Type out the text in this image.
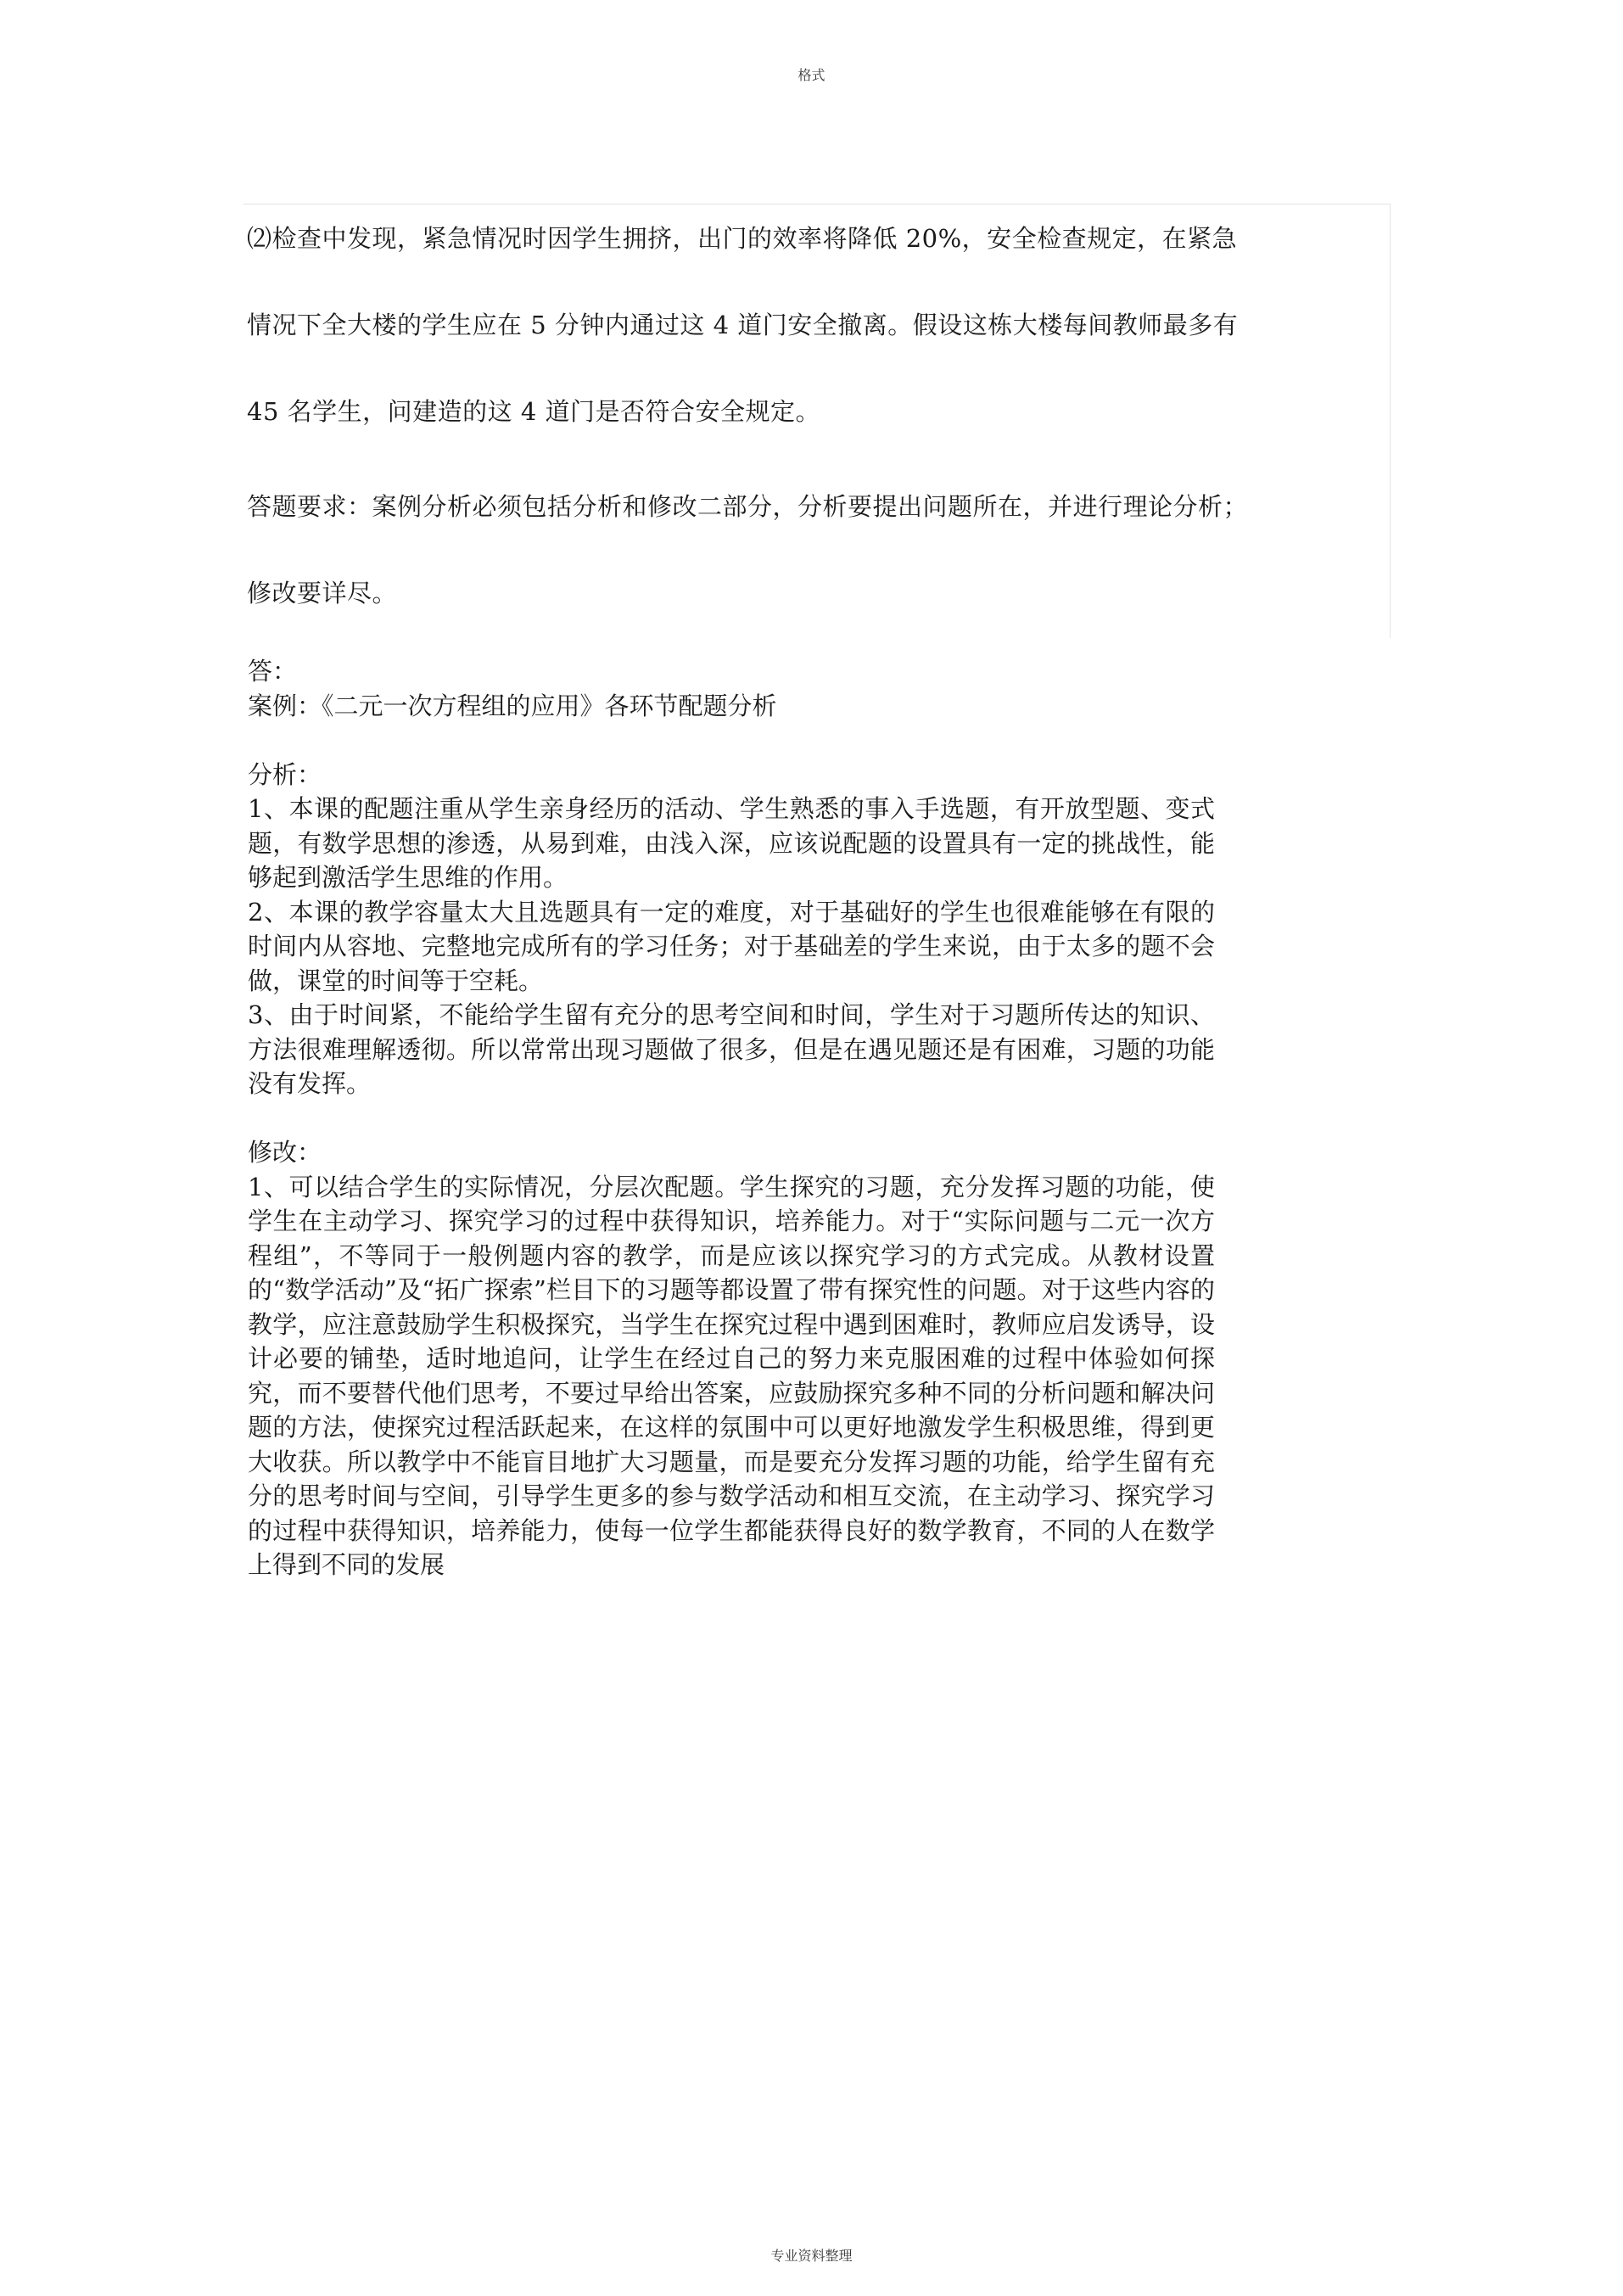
格式
⑵检查中发现，紧急情况时因学生拥挤，出门的效率将降低 20%，安全检查规定，在紧急
情况下全大楼的学生应在 5 分钟内通过这 4 道门安全撤离。假设这栋大楼每间教师最多有
45 名学生，问建造的这 4 道门是否符合安全规定。
答题要求：案例分析必须包括分析和修改二部分，分析要提出问题所在，并进行理论分析；
修改要详尽。

答：

案例：《二元一次方程组的应用》各环节配题分析

分析：

1、本课的配题注重从学生亲身经历的活动、学生熟悉的事入手选题，有开放型题、变式题，有数学思想的渗透，从易到难，由浅入深，应该说配题的设置具有一定的挑战性，能够起到激活学生思维的作用。

2、本课的教学容量太大且选题具有一定的难度，对于基础好的学生也很难能够在有限的时间内从容地、完整地完成所有的学习任务；对于基础差的学生来说，由于太多的题不会做，课堂的时间等于空耗。

3、由于时间紧，不能给学生留有充分的思考空间和时间，学生对于习题所传达的知识、方法很难理解透彻。所以常常出现习题做了很多，但是在遇见题还是有困难，习题的功能没有发挥。

修改：

1、可以结合学生的实际情况，分层次配题。学生探究的习题，充分发挥习题的功能，使学生在主动学习、探究学习的过程中获得知识，培养能力。对于“实际问题与二元一次方程组”，不等同于一般例题内容的教学，而是应该以探究学习的方式完成。从教材设置的“数学活动”及“拓广探索”栏目下的习题等都设置了带有探究性的问题。对于这些内容的教学，应注意鼓励学生积极探究，当学生在探究过程中遇到困难时，教师应启发诱导，设计必要的铺垫，适时地追问，让学生在经过自己的努力来克服困难的过程中体验如何探究，而不要替代他们思考，不要过早给出答案，应鼓励探究多种不同的分析问题和解决问题的方法，使探究过程活跃起来，在这样的氛围中可以更好地激发学生积极思维，得到更大收获。所以教学中不能盲目地扩大习题量，而是要充分发挥习题的功能，给学生留有充分的思考时间与空间，引导学生更多的参与数学活动和相互交流，在主动学习、探究学习的过程中获得知识，培养能力，使每一位学生都能获得良好的数学教育，不同的人在数学上得到不同的发展

专业资料整理
